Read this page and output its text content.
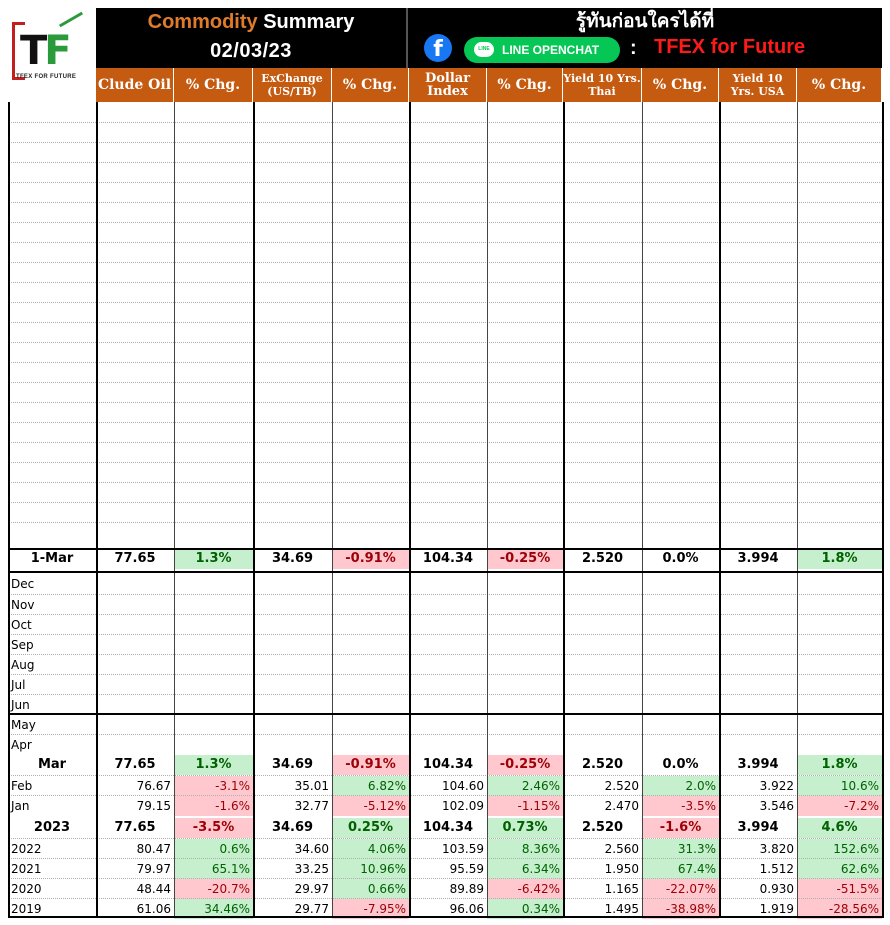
TF
TFEX FOR FUTURE
Commodity Summary
02/03/23
รู้ทันก่อนใครได้ที่
f	LINE	LINE OPENCHAT : TFEX for Future
Clude Oil	% Chg.	ExChange (US/TB)	% Chg.	Dollar Index	% Chg.	Yield 10 Yrs. Thai	% Chg.	Yield 10 Yrs. USA	% Chg.
1-Mar	77.65	1.3%	34.69	-0.91%	104.34	-0.25%	2.520	0.0%	3.994	1.8%
Dec
Nov
Oct
Sep
Aug
Jul
Jun
May
Apr
Mar	77.65	1.3%	34.69	-0.91%	104.34	-0.25%	2.520	0.0%	3.994	1.8%
Feb	76.67	-3.1%	35.01	6.82%	104.60	2.46%	2.520	2.0%	3.922	10.6%
Jan	79.15	-1.6%	32.77	-5.12%	102.09	-1.15%	2.470	-3.5%	3.546	-7.2%
2023	77.65	-3.5%	34.69	0.25%	104.34	0.73%	2.520	-1.6%	3.994	4.6%
2022	80.47	0.6%	34.60	4.06%	103.59	8.36%	2.560	31.3%	3.820	152.6%
2021	79.97	65.1%	33.25	10.96%	95.59	6.34%	1.950	67.4%	1.512	62.6%
2020	48.44	-20.7%	29.97	0.66%	89.89	-6.42%	1.165	-22.07%	0.930	-51.5%
2019	61.06	34.46%	29.77	-7.95%	96.06	0.34%	1.495	-38.98%	1.919	-28.56%
